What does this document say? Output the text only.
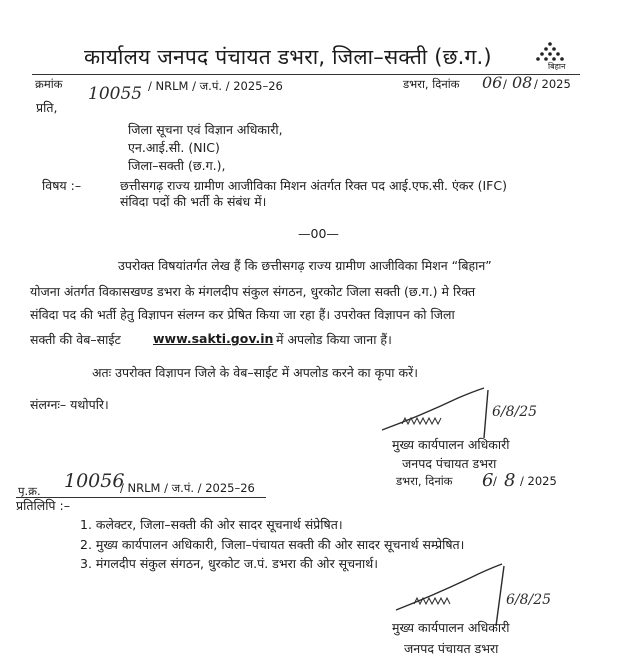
कार्यालय जनपद पंचायत डभरा, जिला–सक्ती (छ.ग.)	बिहान
क्रमांक 10055 / NRLM / ज.पं. / 2025–26	डभरा, दिनांक 06 / 08 / 2025
प्रति,
जिला सूचना एवं विज्ञान अधिकारी,
एन.आई.सी. (NIC)
जिला–सक्ती (छ.ग.),
विषय :–	छत्तीसगढ़ राज्य ग्रामीण आजीविका मिशन अंतर्गत रिक्त पद आई.एफ.सी. एंकर (IFC)
संविदा पदों की भर्ती के संबंध में।
—00—
उपरोक्त विषयांतर्गत लेख हैं कि छत्तीसगढ़ राज्य ग्रामीण आजीविका मिशन “बिहान”
योजना अंतर्गत विकासखण्ड डभरा के मंगलदीप संकुल संगठन, धुरकोट जिला सक्ती (छ.ग.) मे रिक्त
संविदा पद की भर्ती हेतु विज्ञापन संलग्न कर प्रेषित किया जा रहा हैं। उपरोक्त विज्ञापन को जिला
सक्ती की वेब–साईट	www.sakti.gov.in में अपलोड किया जाना हैं।
अतः उपरोक्त विज्ञापन जिले के वेब–साईट में अपलोड करने का कृपा करें।
संलग्नः– यथोपरि।	6/8/25
मुख्य कार्यपालन अधिकारी
जनपद पंचायत डभरा
पृ.क्र. 10056
/ NRLM / ज.पं. / 2025–26	डभरा, दिनांक 6 / 8 / 2025
प्रतिलिपि :–
1. कलेक्टर, जिला–सक्ती की ओर सादर सूचनार्थ संप्रेषित।
2. मुख्य कार्यपालन अधिकारी, जिला–पंचायत सक्ती की ओर सादर सूचनार्थ सम्प्रेषित।
3. मंगलदीप संकुल संगठन, धुरकोट ज.पं. डभरा की ओर सूचनार्थ।
6/8/25
मुख्य कार्यपालन अधिकारी
जनपद पंचायत डभरा
